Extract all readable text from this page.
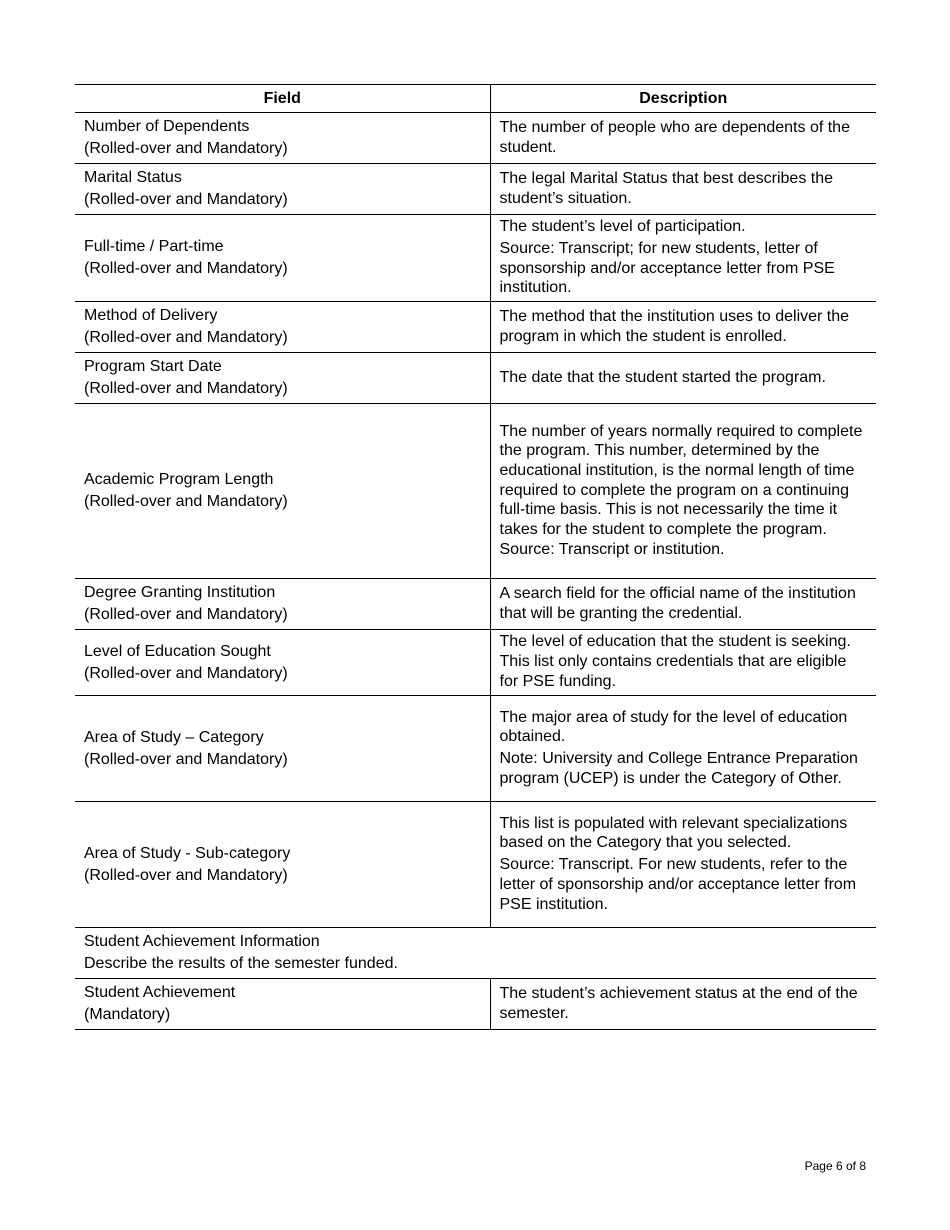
Field	Description

Number of Dependents
(Rolled-over and Mandatory)	The number of people who are dependents of the student.

Marital Status
(Rolled-over and Mandatory)	The legal Marital Status that best describes the student’s situation.

Full-time / Part-time
(Rolled-over and Mandatory)	The student’s level of participation.
Source: Transcript; for new students, letter of sponsorship and/or acceptance letter from PSE institution.

Method of Delivery
(Rolled-over and Mandatory)	The method that the institution uses to deliver the program in which the student is enrolled.

Program Start Date
(Rolled-over and Mandatory)	The date that the student started the program.

Academic Program Length
(Rolled-over and Mandatory)	The number of years normally required to complete the program. This number, determined by the educational institution, is the normal length of time required to complete the program on a continuing full-time basis. This is not necessarily the time it takes for the student to complete the program. Source: Transcript or institution.

Degree Granting Institution
(Rolled-over and Mandatory)	A search field for the official name of the institution that will be granting the credential.

Level of Education Sought
(Rolled-over and Mandatory)	The level of education that the student is seeking. This list only contains credentials that are eligible for PSE funding.

Area of Study – Category
(Rolled-over and Mandatory)	The major area of study for the level of education obtained.
Note: University and College Entrance Preparation program (UCEP) is under the Category of Other.

Area of Study - Sub-category
(Rolled-over and Mandatory)	This list is populated with relevant specializations based on the Category that you selected.
Source: Transcript. For new students, refer to the letter of sponsorship and/or acceptance letter from PSE institution.

Student Achievement Information
Describe the results of the semester funded.	

Student Achievement
(Mandatory)	The student’s achievement status at the end of the semester.
Page 6 of 8
